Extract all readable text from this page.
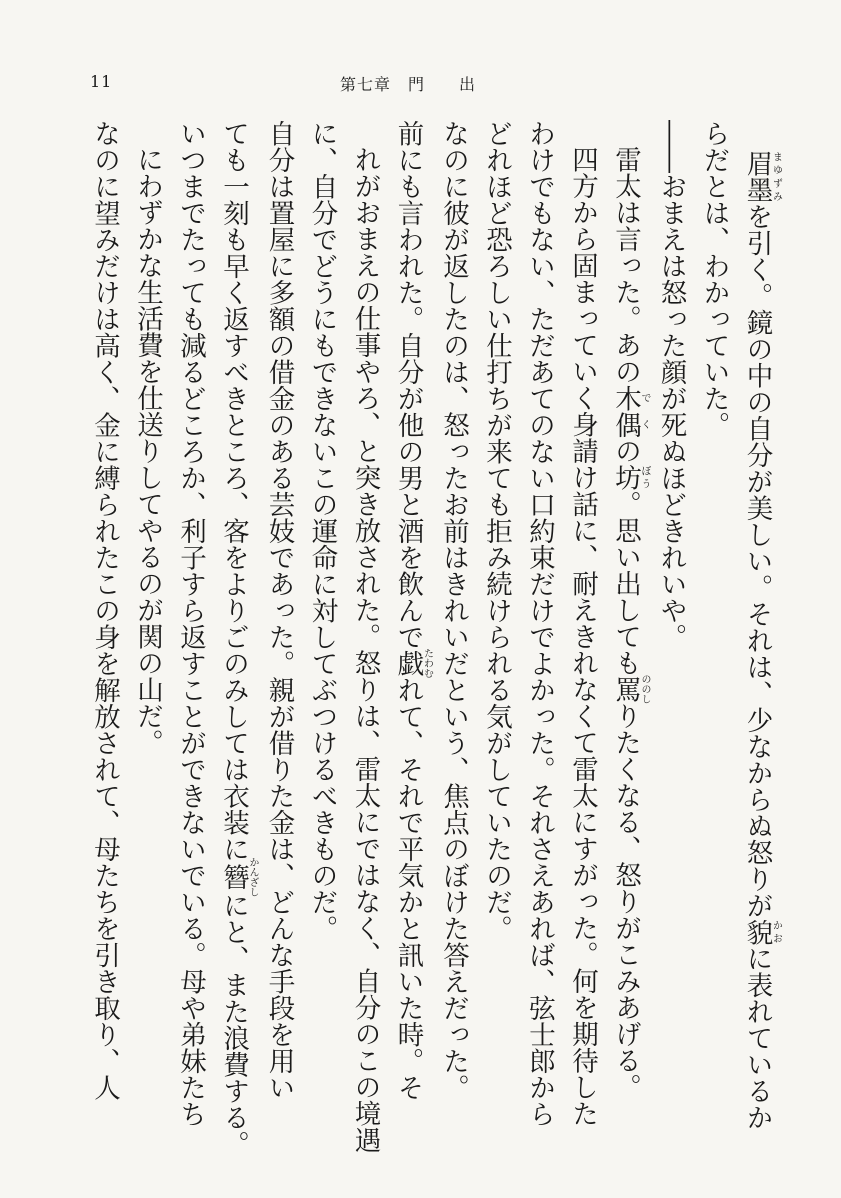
11	第七章　門　　出

眉墨まゆずみを引く。鏡の中の自分が美しい。それは、少なからぬ怒りが貌かおに表れているか

らだとは、わかっていた。

――おまえは怒った顔が死ぬほどきれいや。

雷太は言った。あの木偶でくの坊ぼう。思い出しても罵ののしりたくなる、怒りがこみあげる。

四方から固まっていく身請け話に、耐えきれなくて雷太にすがった。何を期待した

わけでもない、ただあてのない口約束だけでよかった。それさえあれば、弦士郎から

どれほど恐ろしい仕打ちが来ても拒み続けられる気がしていたのだ。

なのに彼が返したのは、怒ったお前はきれいだという、焦点のぼけた答えだった。

前にも言われた。自分が他の男と酒を飲んで戯たわむれて、それで平気かと訊いた時。そ

れがおまえの仕事やろ、と突き放された。怒りは、雷太にではなく、自分のこの境遇

に、自分でどうにもできないこの運命に対してぶつけるべきものだ。

自分は置屋に多額の借金のある芸妓であった。親が借りた金は、どんな手段を用い

ても一刻も早く返すべきところ、客をよりごのみしては衣装に簪かんざしにと、また浪費する。

いつまでたっても減るどころか、利子すら返すことができないでいる。母や弟妹たち

にわずかな生活費を仕送りしてやるのが関の山だ。

なのに望みだけは高く、金に縛られたこの身を解放されて、母たちを引き取り、人
